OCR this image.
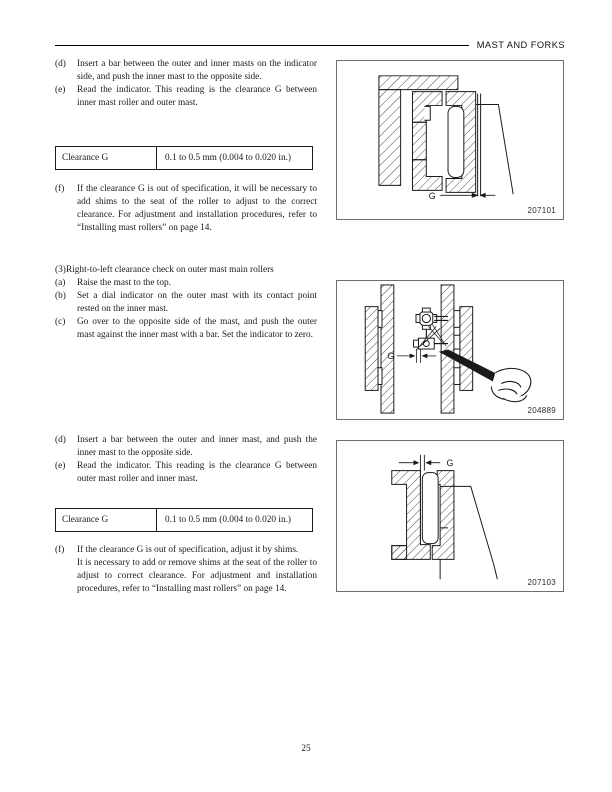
MAST AND FORKS
(d)	Insert a bar between the outer and inner masts on the indicator side, and push the inner mast to the opposite side.
(e)	Read the indicator. This reading is the clearance G between inner mast roller and outer mast.
Clearance G	0.1 to 0.5 mm (0.004 to 0.020 in.)
(f)	If the clearance G is out of specification, it will be necessary to add shims to the seat of the roller to adjust to the correct clearance. For adjustment and installation procedures, refer to “Installing mast rollers” on page 14.
(3) Right-to-left clearance check on outer mast main rollers
(a)	Raise the mast to the top.
(b)	Set a dial indicator on the outer mast with its contact point rested on the inner mast.
(c)	Go over to the opposite side of the mast, and push the outer mast against the inner mast with a bar. Set the indicator to zero.
(d)	Insert a bar between the outer and inner mast, and push the inner mast to the opposite side.
(e)	Read the indicator. This reading is the clearance G between outer mast roller and inner mast.
Clearance G	0.1 to 0.5 mm (0.004 to 0.020 in.)
(f)	If the clearance G is out of specification, adjust it by shims.
It is necessary to add or remove shims at the seat of the roller to adjust to correct clearance. For adjustment and installation procedures, refer to “Installing mast rollers” on page 14.
G
207101
G
204889
G
207103
25
